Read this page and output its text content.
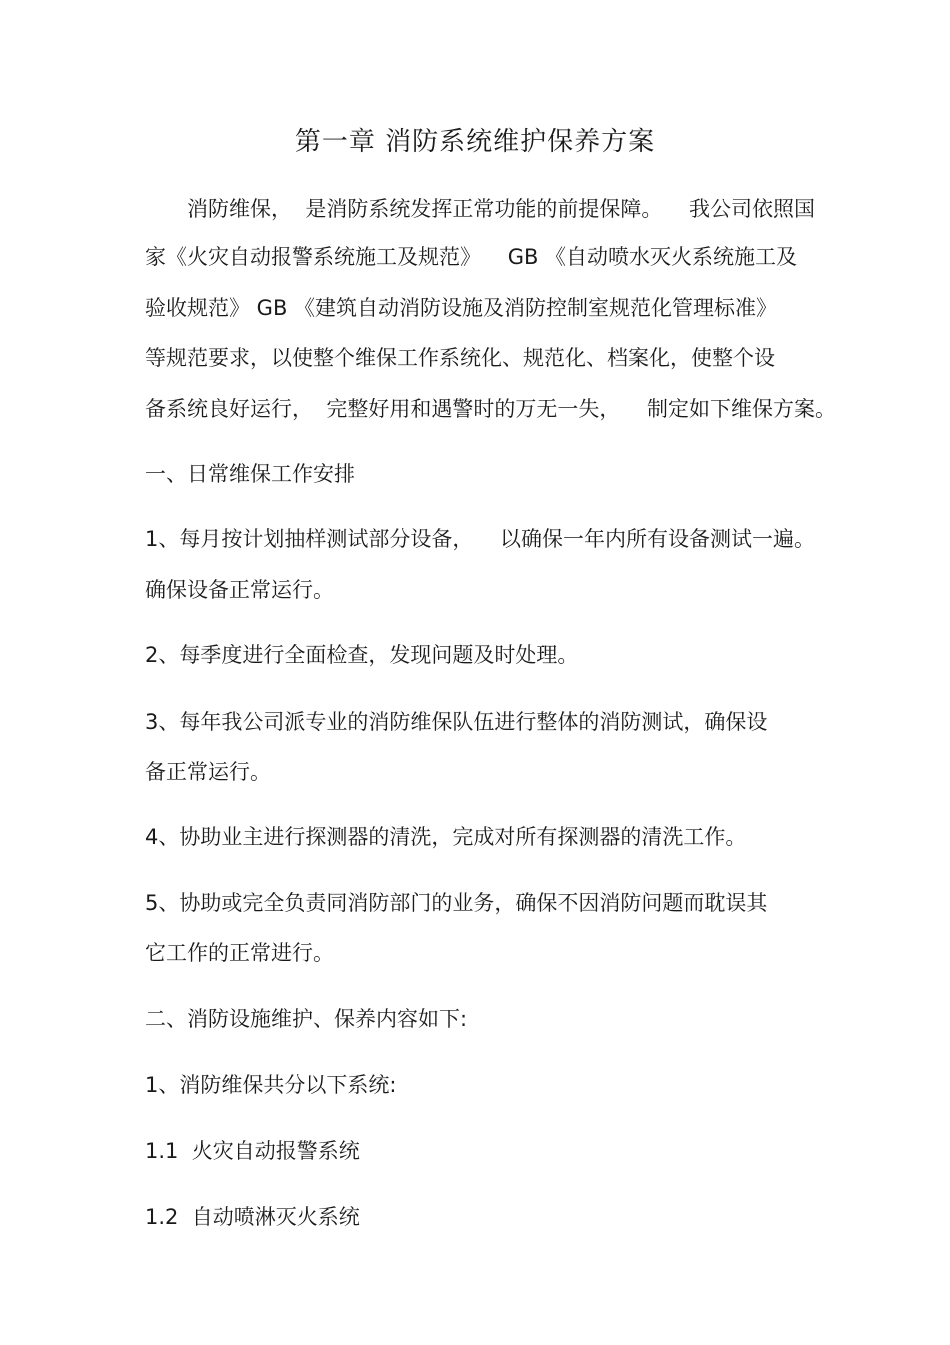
第一章 消防系统维护保养方案
　　消防维保，  是消防系统发挥正常功能的前提保障。    我公司依照国
家《火灾自动报警系统施工及规范》    GB 《自动喷水灭火系统施工及
验收规范》 GB 《建筑自动消防设施及消防控制室规范化管理标准》
等规范要求，以使整个维保工作系统化、规范化、档案化，使整个设
备系统良好运行，  完整好用和遇警时的万无一失，    制定如下维保方案。
一、日常维保工作安排
1、每月按计划抽样测试部分设备，    以确保一年内所有设备测试一遍。
确保设备正常运行。
2、每季度进行全面检查，发现问题及时处理。
3、每年我公司派专业的消防维保队伍进行整体的消防测试，确保设
备正常运行。
4、协助业主进行探测器的清洗，完成对所有探测器的清洗工作。
5、协助或完全负责同消防部门的业务，确保不因消防问题而耽误其
它工作的正常进行。
二、消防设施维护、保养内容如下:
1、消防维保共分以下系统:
1.1  火灾自动报警系统
1.2  自动喷淋灭火系统
